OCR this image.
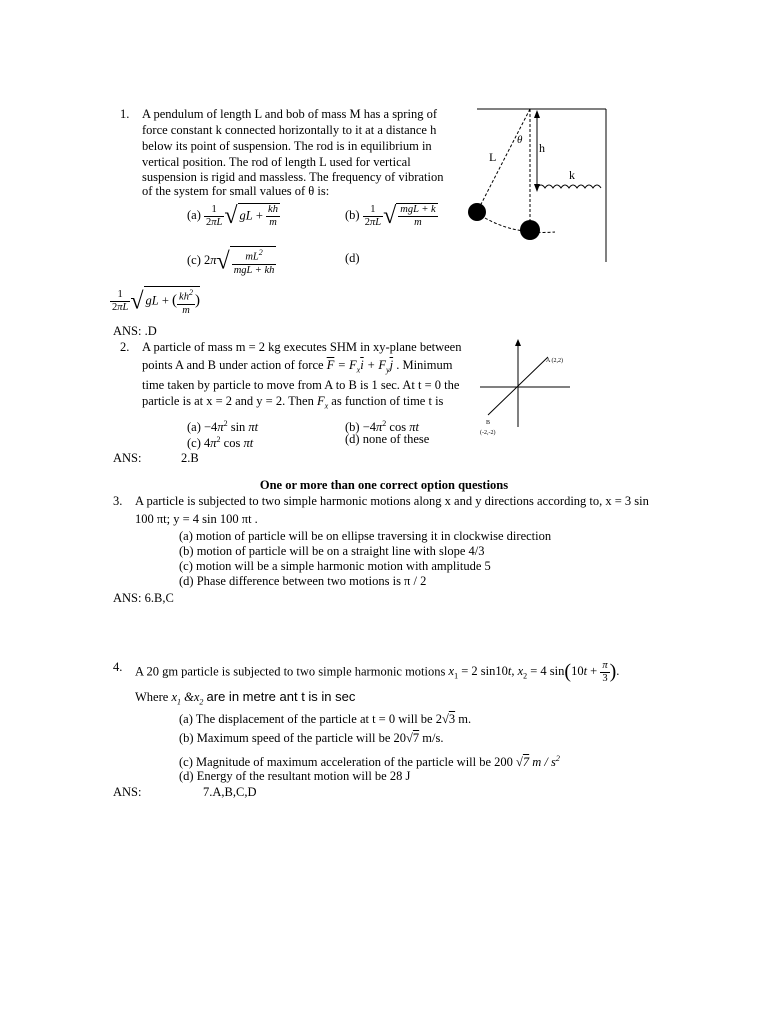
1. A pendulum of length L and bob of mass M has a spring of
force constant k connected horizontally to it at a distance h
below its point of suspension. The rod is in equilibrium in
vertical position. The rod of length L used for vertical
suspension is rigid and massless. The frequency of vibration
of the system for small values of θ is:
$(a) \frac{1}{2\pi L}$ √ gL + $\frac{kh}{m}$	$(b) \frac{1}{2\pi L}$ √ $\frac{\text{mgL + k}}{m}$
(c) $2\pi√ \frac{mL^2}{\text{mgL + kh}}$	(d)
$\frac{1}{2\pi L}$ √ gL + ( $\frac{kh^2}{m}$ )
ANS: .D
θ
h
L
k
2. A particle of mass m = 2 kg executes SHM in xy-plane between
points A and B under action of force $\overline{F} = F_x\overline{i} + F_y\overline{j}$ . Minimum
time taken by particle to move from A to B is 1 sec. At t = 0 the
particle is at x = 2 and y = 2. Then $F_x$ as function of time t is
$(a) -4\pi^2$ sin πt	$(b) -4\pi^2$ cos πt
(c) $4\pi^2$ cos πt	(d) none of these
ANS:	2.B
A (2,2)
B
(-2,-2)
One or more than one correct option questions
3. A particle is subjected to two simple harmonic motions along x and y directions according to, x = 3 sin
100 πt; y = 4 sin 100 πt .
(a) motion of particle will be on ellipse traversing it in clockwise direction
(b) motion of particle will be on a straight line with slope 4/3
(c) motion will be a simple harmonic motion with amplitude 5
(d) Phase difference between two motions is π / 2
ANS: 6.B,C
4. A 20 gm particle is subjected to two simple harmonic motions $x_1 = 2$ sin10t, $x_2 = 4$ $\sin(10t + \frac{\pi}{3}$ ).
Where $x_1$ $\&x_2$ are in metre ant t is in sec
(a) The displacement of the particle at t = 0 will be 2√3 m.
(b) Maximum speed of the particle will be 20√7 m/s.
(c) Magnitude of maximum acceleration of the particle will be 200 √7 m / $s^2$
(d) Energy of the resultant motion will be 28 J
ANS:	7.A,B,C,D
